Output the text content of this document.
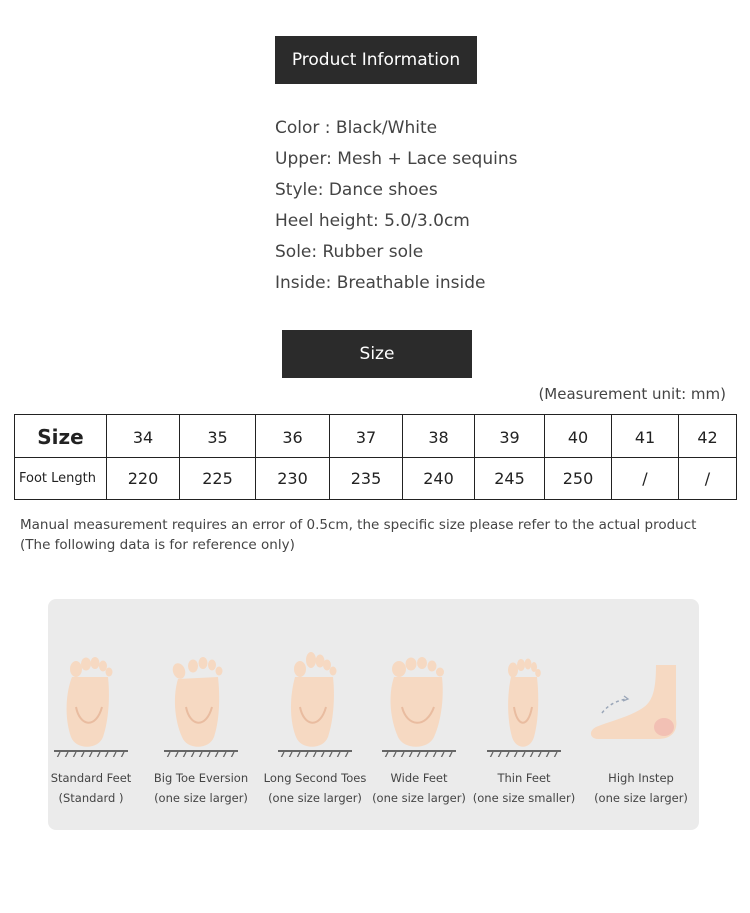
Product Information
Color : Black/White
Upper: Mesh + Lace sequins
Style: Dance shoes
Heel height: 5.0/3.0cm
Sole: Rubber sole
Inside: Breathable inside
Size
(Measurement unit: mm)
Size	34	35	36	37	38	39	40	41	42
Foot Length	220	225	230	235	240	245	250	/	/
Manual measurement requires an error of 0.5cm, the specific size please refer to the actual product (The following data is for reference only)
Standard Feet
(Standard )
Big Toe Eversion
(one size larger)
Long Second Toes
(one size larger)
Wide Feet
(one size larger)
Thin Feet
(one size smaller)
High Instep
(one size larger)
